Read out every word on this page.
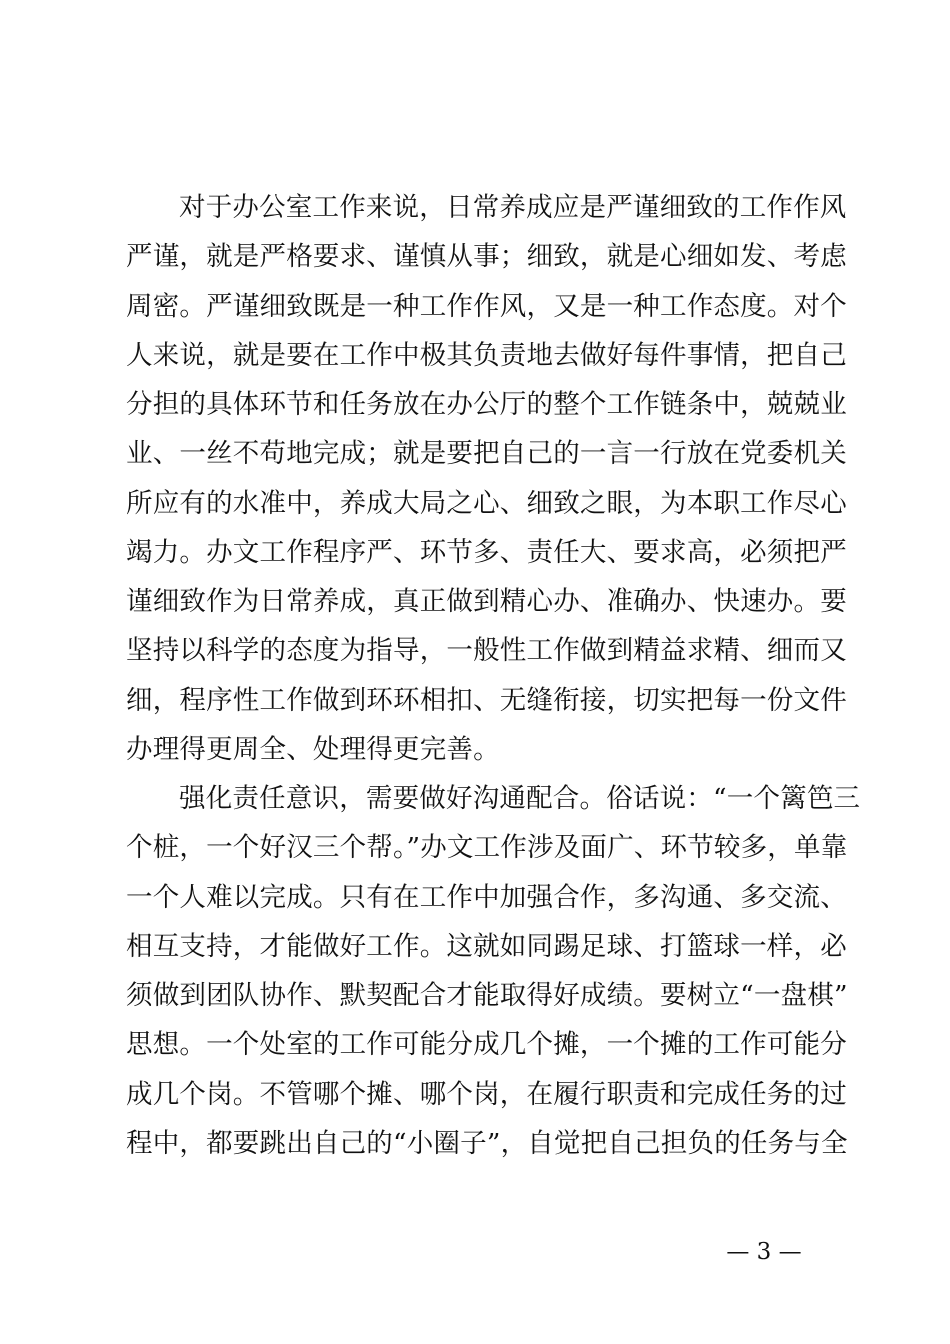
对于办公室工作来说，日常养成应是严谨细致的工作作风
严谨，就是严格要求、谨慎从事；细致，就是心细如发、考虑
周密。严谨细致既是一种工作作风，又是一种工作态度。对个
人来说，就是要在工作中极其负责地去做好每件事情，把自己
分担的具体环节和任务放在办公厅的整个工作链条中，兢兢业
业、一丝不苟地完成；就是要把自己的一言一行放在党委机关
所应有的水准中，养成大局之心、细致之眼，为本职工作尽心
竭力。办文工作程序严、环节多、责任大、要求高，必须把严
谨细致作为日常养成，真正做到精心办、准确办、快速办。要
坚持以科学的态度为指导，一般性工作做到精益求精、细而又
细，程序性工作做到环环相扣、无缝衔接，切实把每一份文件
办理得更周全、处理得更完善。
强化责任意识，需要做好沟通配合。俗话说：“一个篱笆三
个桩，一个好汉三个帮。”办文工作涉及面广、环节较多，单靠
一个人难以完成。只有在工作中加强合作，多沟通、多交流、
相互支持，才能做好工作。这就如同踢足球、打篮球一样，必
须做到团队协作、默契配合才能取得好成绩。要树立“一盘棋”
思想。一个处室的工作可能分成几个摊，一个摊的工作可能分
成几个岗。不管哪个摊、哪个岗，在履行职责和完成任务的过
程中，都要跳出自己的“小圈子”，自觉把自己担负的任务与全
— 3 —
